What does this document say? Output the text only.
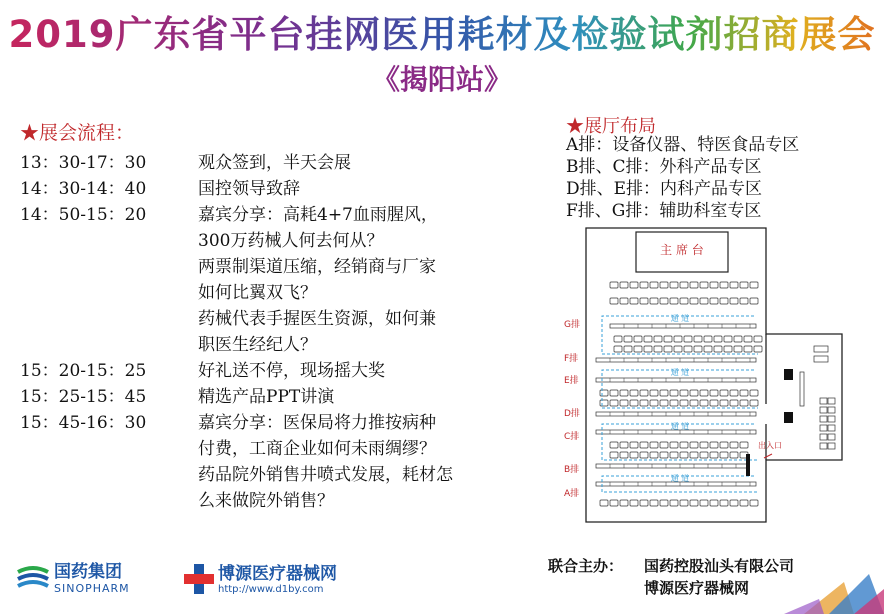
2019广东省平台挂网医用耗材及检验试剂招商展会
《揭阳站》
★展会流程：
13：30-17：30	观众签到，半天会展
14：30-14：40	国控领导致辞
14：50-15：20	嘉宾分享：高耗4+7血雨腥风，
300万药械人何去何从？
两票制渠道压缩，经销商与厂家
如何比翼双飞？
药械代表手握医生资源，如何兼
职医生经纪人？
15：20-15：25	好礼送不停，现场摇大奖
15：25-15：45	精选产品PPT讲演
15：45-16：30	嘉宾分享：医保局将力推按病种
付费，工商企业如何未雨绸缪？
药品院外销售井喷式发展，耗材怎
么来做院外销售？
★展厅布局
A排：设备仪器、特医食品专区
B排、C排：外科产品专区
D排、E排：内科产品专区
F排、G排：辅助科室专区
主 席 台
G排
F排
E排
D排
C排
B排
A排
通 道
通 道
通 道
通 道
出入口
国药集团
SINOPHARM
博源医疗器械网
http://www.d1by.com
联合主办： 国药控股汕头有限公司
博源医疗器械网
